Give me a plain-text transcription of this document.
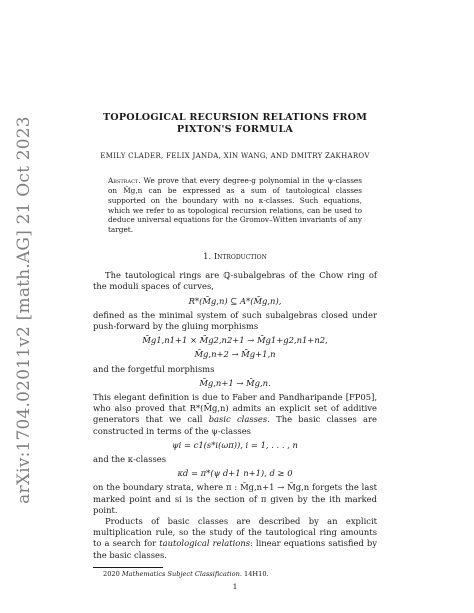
arXiv:1704.02011v2 [math.AG] 21 Oct 2023	TOPOLOGICAL RECURSION RELATIONS FROM
PIXTON'S FORMULA
EMILY CLADER, FELIX JANDA, XIN WANG, AND DMITRY ZAKHAROV
Abstract. We prove that every degree-g polynomial in the ψ-classes on M̄g,n can be expressed as a sum of tautological classes supported on the boundary with no κ-classes. Such equations, which we refer to as topological recursion relations, can be used to deduce universal equations for the Gromov–Witten invariants of any target.
1. Introduction

The tautological rings are ℚ-subalgebras of the Chow ring of the moduli spaces of curves,

R*(M̄g,n) ⊆ A*(M̄g,n),

defined as the minimal system of such subalgebras closed under push-forward by the gluing morphisms

M̄g1,n1+1 × M̄g2,n2+1 → M̄g1+g2,n1+n2,
M̄g,n+2 → M̄g+1,n

and the forgetful morphisms

M̄g,n+1 → M̄g,n.

This elegant definition is due to Faber and Pandharipande [FP05], who also proved that R*(M̄g,n) admits an explicit set of additive generators that we call basic classes. The basic classes are constructed in terms of the ψ-classes

ψi = c1(s*i(ωπ)), i = 1, . . . , n

and the κ-classes

κd = π*(ψ d+1 n+1), d ≥ 0

on the boundary strata, where π : M̄g,n+1 → M̄g,n forgets the last marked point and si is the section of π given by the ith marked point.

Products of basic classes are described by an explicit multiplication rule, so the study of the tautological ring amounts to a search for tautological relations: linear equations satisfied by the basic classes.

2020 Mathematics Subject Classification. 14H10.
1
